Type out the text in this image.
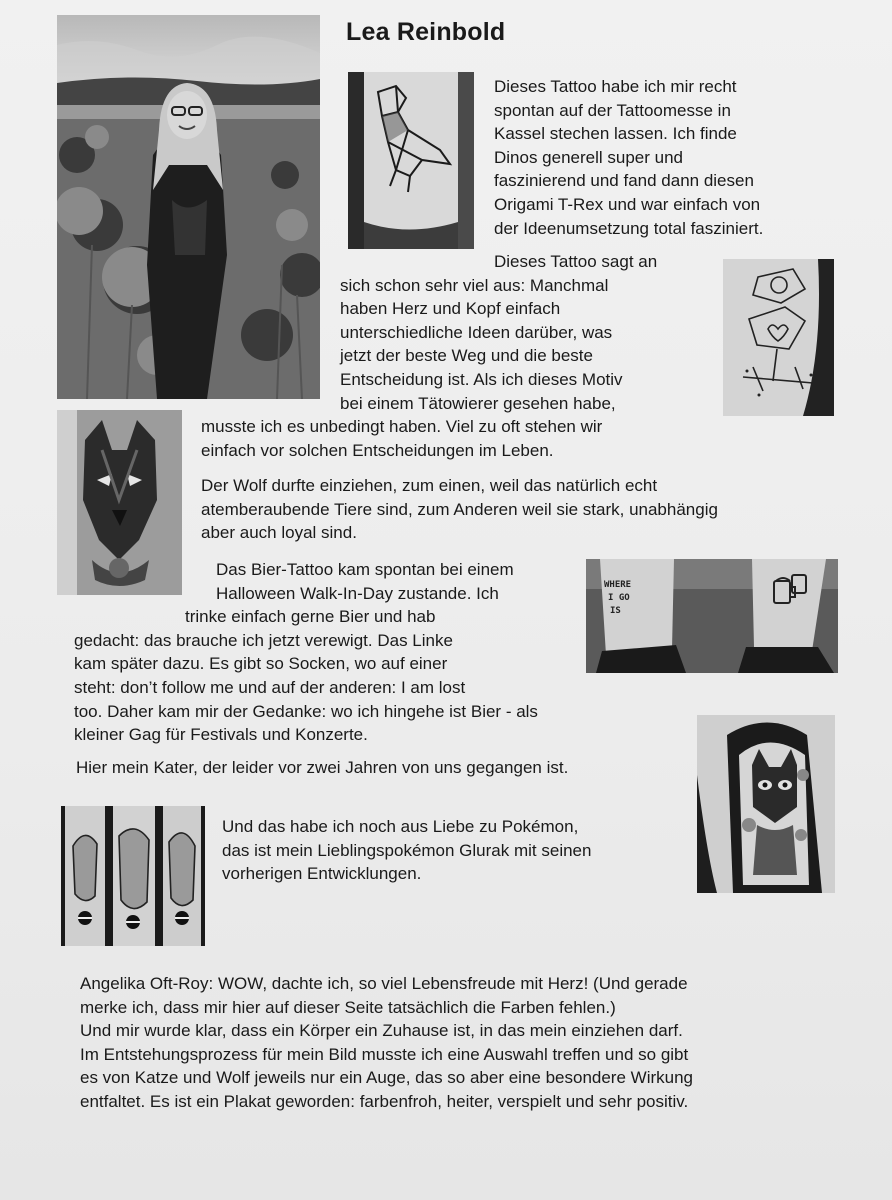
Lea Reinbold
Dieses Tattoo habe ich mir recht
spontan auf der Tattoomesse in
Kassel stechen lassen. Ich finde
Dinos generell super und
faszinierend und fand dann diesen
Origami T-Rex und war einfach von
der Ideenumsetzung total fasziniert.
Dieses Tattoo sagt an
sich schon sehr viel aus: Manchmal
haben Herz und Kopf einfach
unterschiedliche Ideen darüber, was
jetzt der beste Weg und die beste
Entscheidung ist. Als ich dieses Motiv
bei einem Tätowierer gesehen habe,
musste ich es unbedingt haben. Viel zu oft stehen wir
einfach vor solchen Entscheidungen im Leben.
Der Wolf durfte einziehen, zum einen, weil das natürlich echt
atemberaubende Tiere sind, zum Anderen weil sie stark, unabhängig
aber auch loyal sind.
WHERE
I GO
IS
Das Bier-Tattoo kam spontan bei einem
Halloween Walk-In-Day zustande. Ich
trinke einfach gerne Bier und hab
gedacht: das brauche ich jetzt verewigt. Das Linke
kam später dazu. Es gibt so Socken, wo auf einer
steht: don’t follow me und auf der anderen: I am lost
too. Daher kam mir der Gedanke: wo ich hingehe ist Bier - als
kleiner Gag für Festivals und Konzerte.
Hier mein Kater, der leider vor zwei Jahren von uns gegangen ist.
Und das habe ich noch aus Liebe zu Pokémon,
das ist mein Lieblingspokémon Glurak mit seinen
vorherigen Entwicklungen.
Angelika Oft-Roy: WOW, dachte ich, so viel Lebensfreude mit Herz! (Und gerade
merke ich, dass mir hier auf dieser Seite tatsächlich die Farben fehlen.)
Und mir wurde klar, dass ein Körper ein Zuhause ist, in das mein einziehen darf.
Im Entstehungsprozess für mein Bild musste ich eine Auswahl treffen und so gibt
es von Katze und Wolf jeweils nur ein Auge, das so aber eine besondere Wirkung
entfaltet. Es ist ein Plakat geworden: farbenfroh, heiter, verspielt und sehr positiv.
